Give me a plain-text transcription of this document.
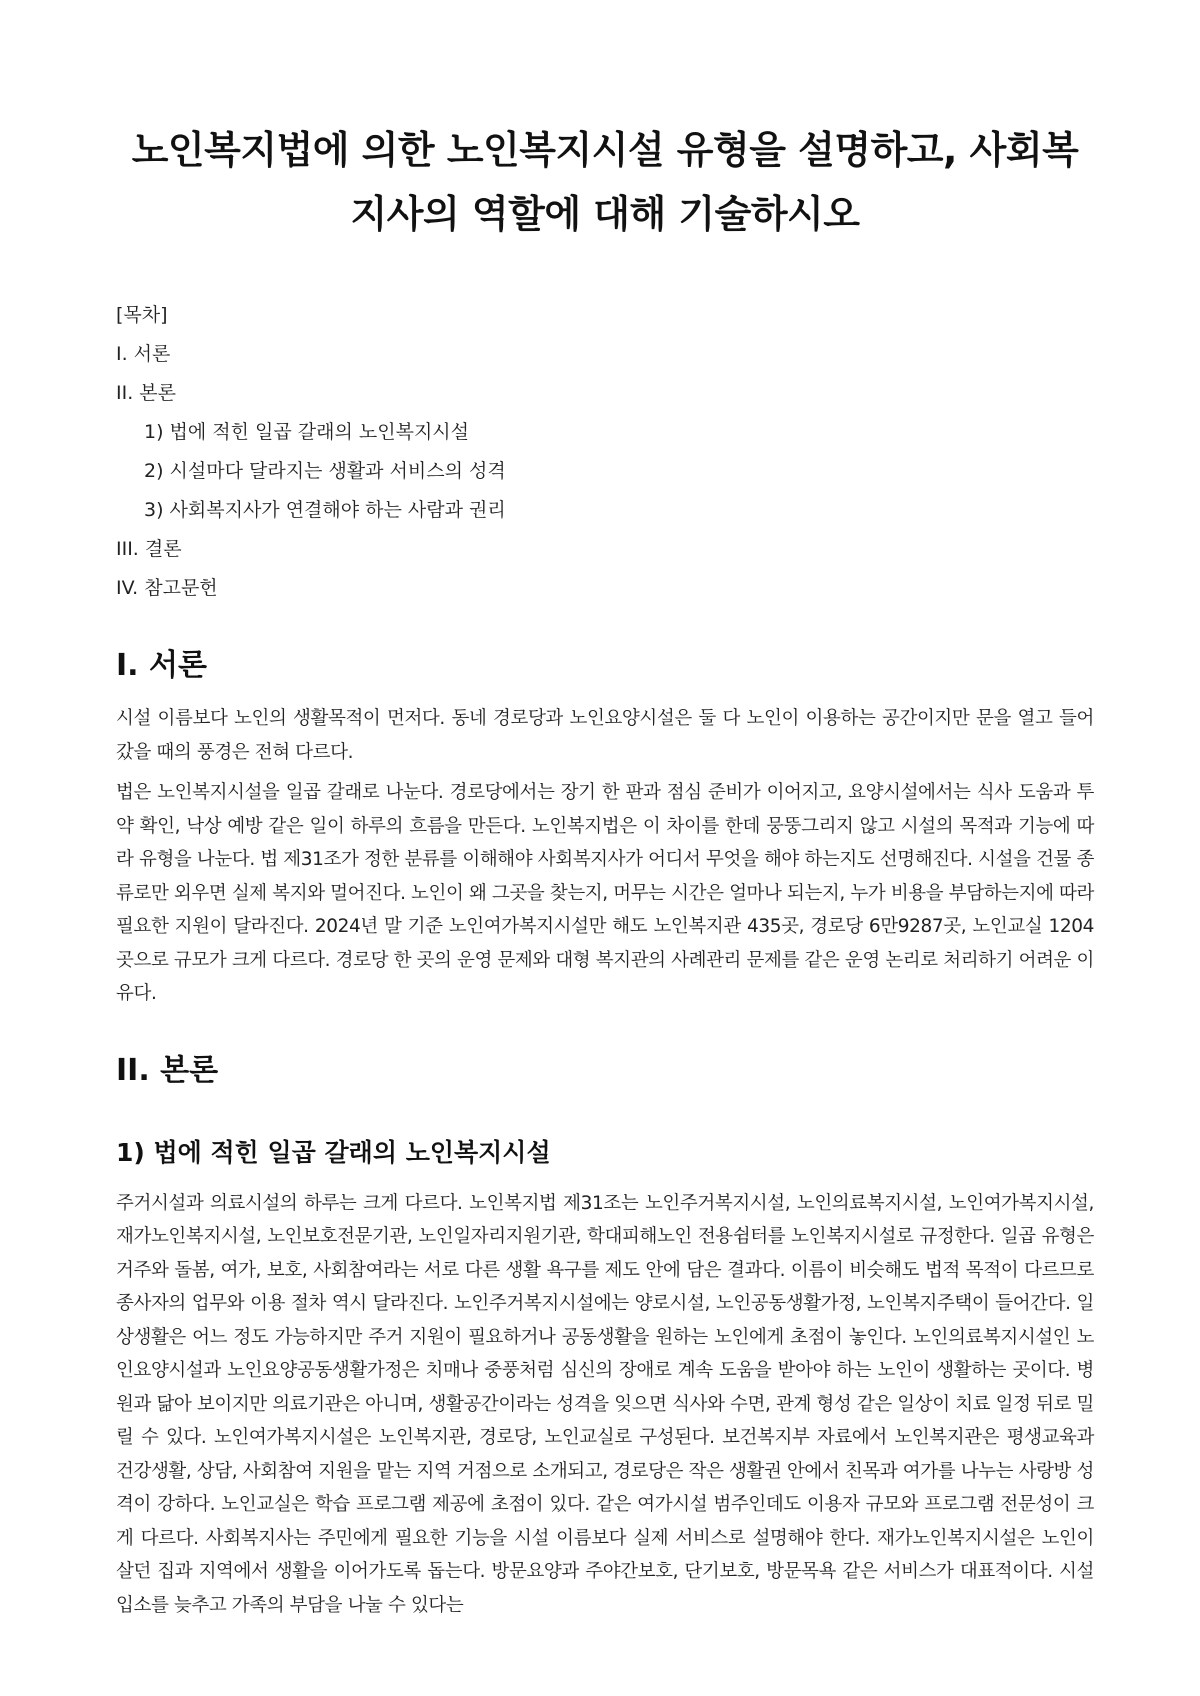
노인복지법에 의한 노인복지시설 유형을 설명하고, 사회복지사의 역할에 대해 기술하시오
[목차]
I. 서론
II. 본론
1) 법에 적힌 일곱 갈래의 노인복지시설
2) 시설마다 달라지는 생활과 서비스의 성격
3) 사회복지사가 연결해야 하는 사람과 권리
III. 결론
IV. 참고문헌
I. 서론

시설 이름보다 노인의 생활목적이 먼저다. 동네 경로당과 노인요양시설은 둘 다 노인이 이용하는 공간이지만 문을 열고 들어갔을 때의 풍경은 전혀 다르다.

법은 노인복지시설을 일곱 갈래로 나눈다. 경로당에서는 장기 한 판과 점심 준비가 이어지고, 요양시설에서는 식사 도움과 투약 확인, 낙상 예방 같은 일이 하루의 흐름을 만든다. 노인복지법은 이 차이를 한데 뭉뚱그리지 않고 시설의 목적과 기능에 따라 유형을 나눈다. 법 제31조가 정한 분류를 이해해야 사회복지사가 어디서 무엇을 해야 하는지도 선명해진다. 시설을 건물 종류로만 외우면 실제 복지와 멀어진다. 노인이 왜 그곳을 찾는지, 머무는 시간은 얼마나 되는지, 누가 비용을 부담하는지에 따라 필요한 지원이 달라진다. 2024년 말 기준 노인여가복지시설만 해도 노인복지관 435곳, 경로당 6만9287곳, 노인교실 1204곳으로 규모가 크게 다르다. 경로당 한 곳의 운영 문제와 대형 복지관의 사례관리 문제를 같은 운영 논리로 처리하기 어려운 이유다.

II. 본론
1) 법에 적힌 일곱 갈래의 노인복지시설

주거시설과 의료시설의 하루는 크게 다르다. 노인복지법 제31조는 노인주거복지시설, 노인의료복지시설, 노인여가복지시설, 재가노인복지시설, 노인보호전문기관, 노인일자리지원기관, 학대피해노인 전용쉼터를 노인복지시설로 규정한다. 일곱 유형은 거주와 돌봄, 여가, 보호, 사회참여라는 서로 다른 생활 욕구를 제도 안에 담은 결과다. 이름이 비슷해도 법적 목적이 다르므로 종사자의 업무와 이용 절차 역시 달라진다. 노인주거복지시설에는 양로시설, 노인공동생활가정, 노인복지주택이 들어간다. 일상생활은 어느 정도 가능하지만 주거 지원이 필요하거나 공동생활을 원하는 노인에게 초점이 놓인다. 노인의료복지시설인 노인요양시설과 노인요양공동생활가정은 치매나 중풍처럼 심신의 장애로 계속 도움을 받아야 하는 노인이 생활하는 곳이다. 병원과 닮아 보이지만 의료기관은 아니며, 생활공간이라는 성격을 잊으면 식사와 수면, 관계 형성 같은 일상이 치료 일정 뒤로 밀릴 수 있다. 노인여가복지시설은 노인복지관, 경로당, 노인교실로 구성된다. 보건복지부 자료에서 노인복지관은 평생교육과 건강생활, 상담, 사회참여 지원을 맡는 지역 거점으로 소개되고, 경로당은 작은 생활권 안에서 친목과 여가를 나누는 사랑방 성격이 강하다. 노인교실은 학습 프로그램 제공에 초점이 있다. 같은 여가시설 범주인데도 이용자 규모와 프로그램 전문성이 크게 다르다. 사회복지사는 주민에게 필요한 기능을 시설 이름보다 실제 서비스로 설명해야 한다. 재가노인복지시설은 노인이 살던 집과 지역에서 생활을 이어가도록 돕는다. 방문요양과 주야간보호, 단기보호, 방문목욕 같은 서비스가 대표적이다. 시설 입소를 늦추고 가족의 부담을 나눌 수 있다는
